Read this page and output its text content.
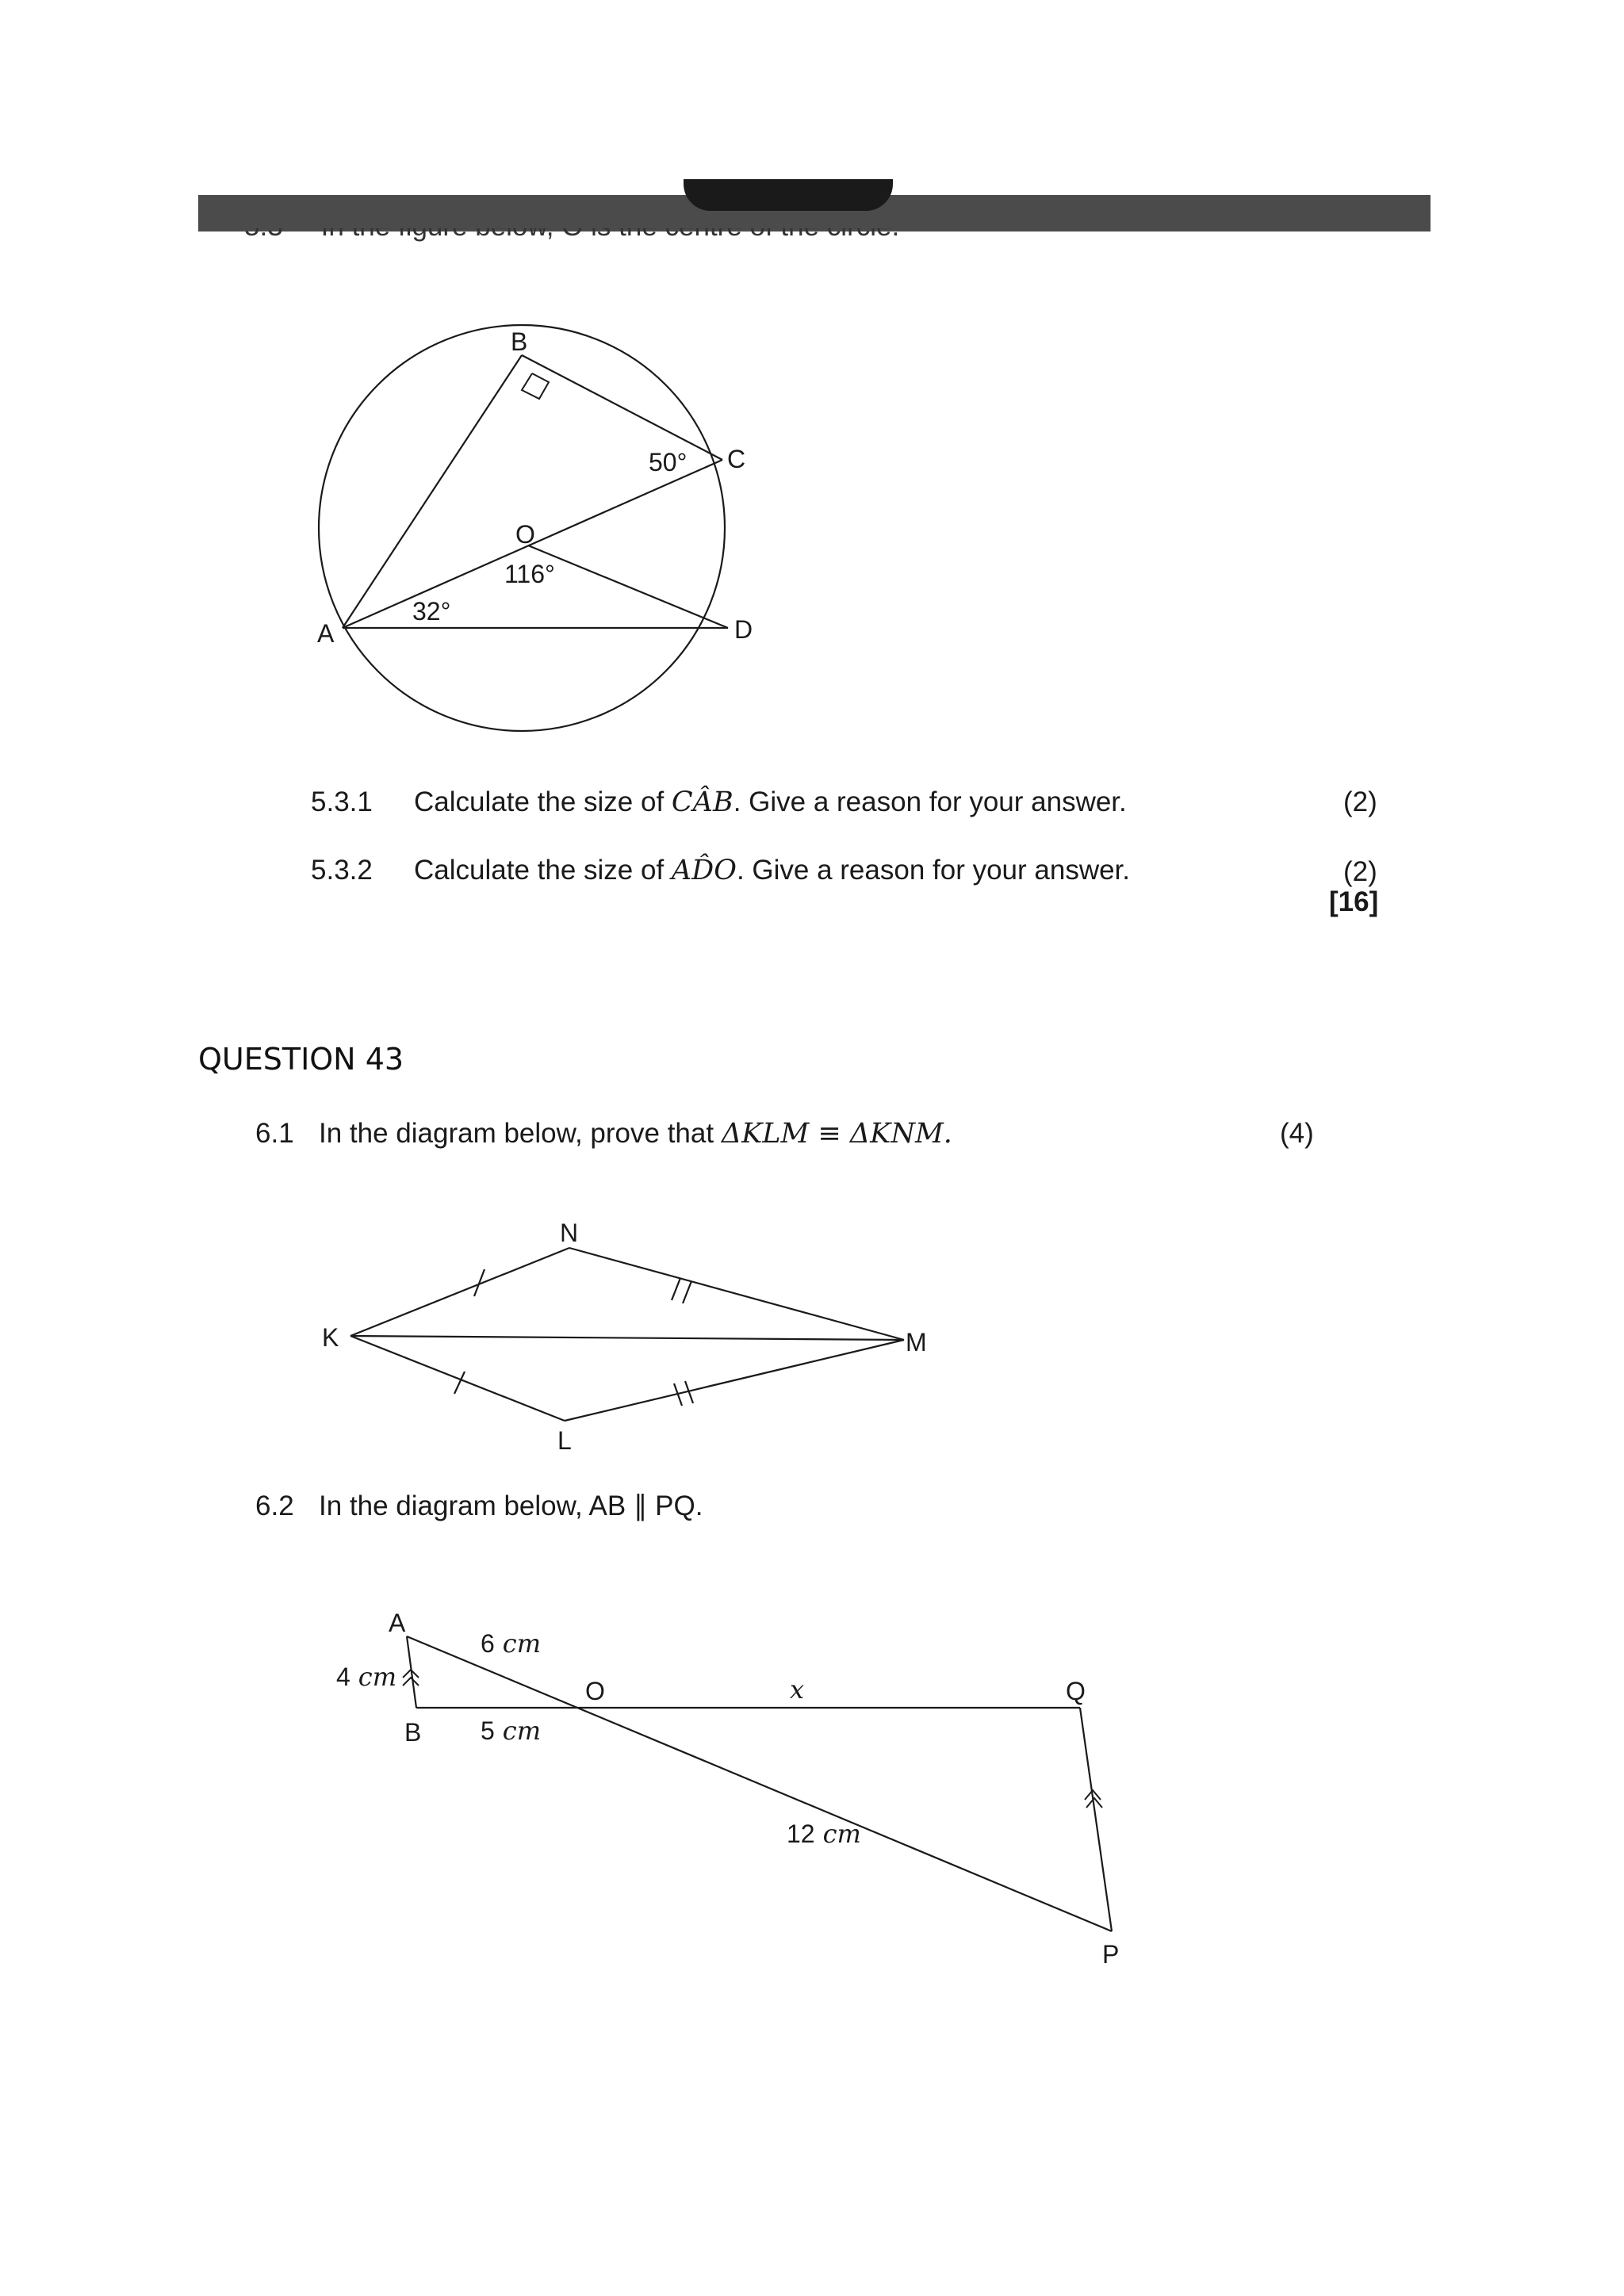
B
C
O
A	D
50°
116°
32°
N
K	M
L
A
B
O	Q
P
4 cm
6 cm
5 cm
x
12 cm
5.3.1 Calculate the size of CÂB. Give a reason for your answer.	(2)
5.3.2 Calculate the size of AD̂O. Give a reason for your answer.	(2)
[16]
QUESTION 43
6.1 In the diagram below, prove that ΔKLM ≡ ΔKNM.	(4)
6.2 In the diagram below, AB ∥ PQ.
